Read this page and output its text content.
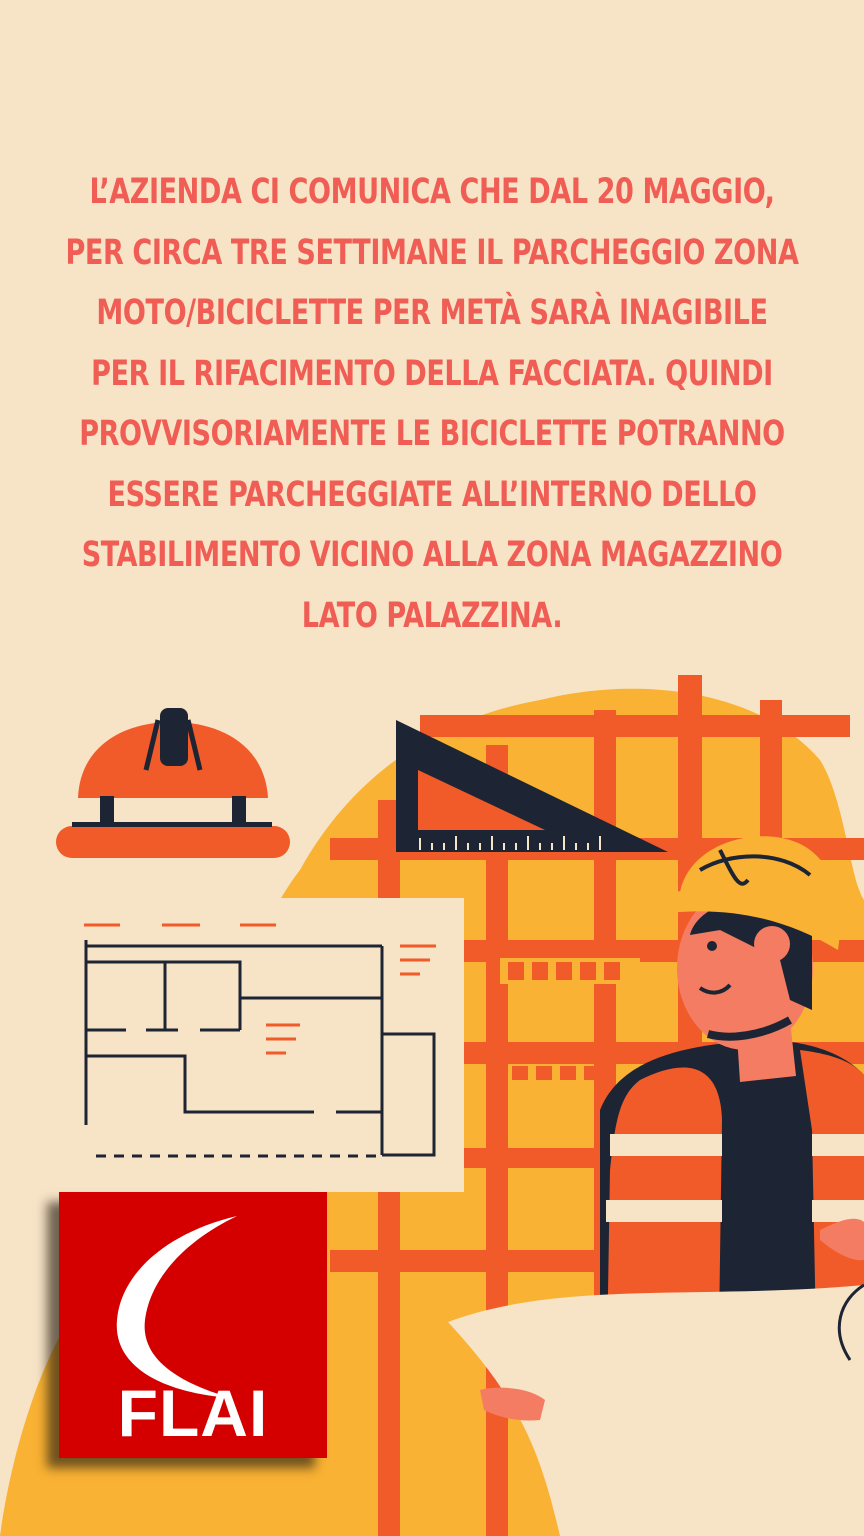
L’AZIENDA CI COMUNICA CHE DAL 20 MAGGIO,
PER CIRCA TRE SETTIMANE IL PARCHEGGIO ZONA
MOTO/BICICLETTE PER METÀ SARÀ INAGIBILE
PER IL RIFACIMENTO DELLA FACCIATA. QUINDI
PROVVISORIAMENTE LE BICICLETTE POTRANNO
ESSERE PARCHEGGIATE ALL’INTERNO DELLO
STABILIMENTO VICINO ALLA ZONA MAGAZZINO
LATO PALAZZINA.
FLAI
